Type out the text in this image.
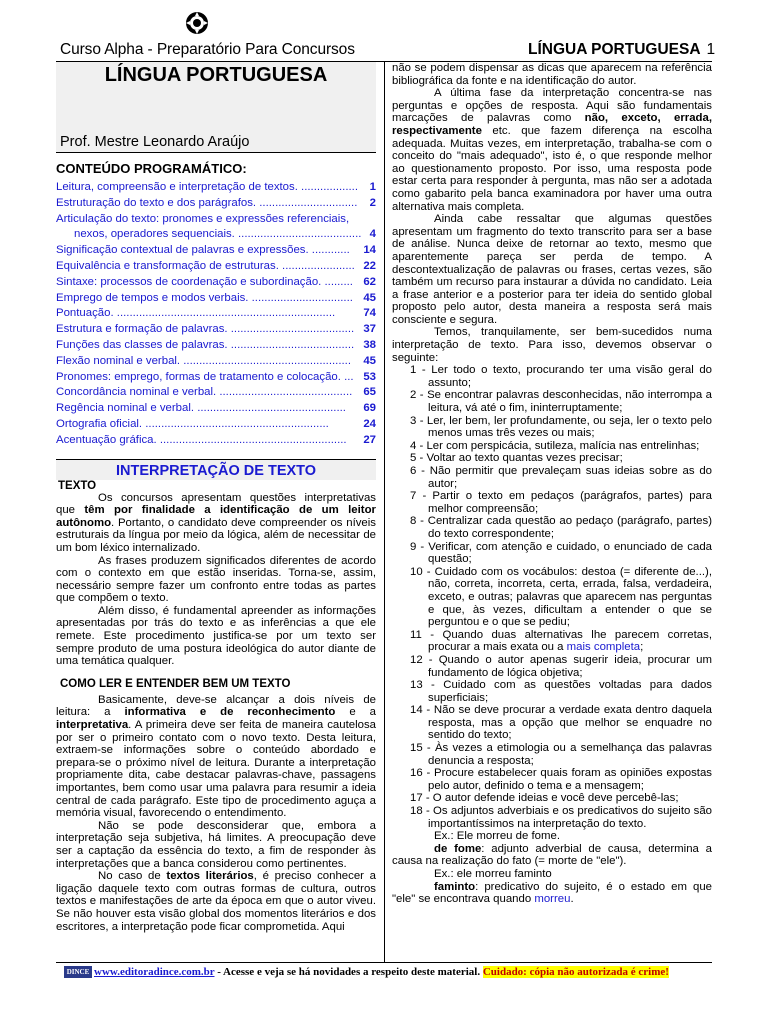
Curso Alpha - Preparatório Para Concursos	LÍNGUA PORTUGUESA 1
LÍNGUA PORTUGUESA
Prof. Mestre Leonardo Araújo
CONTEÚDO PROGRAMÁTICO:
Leitura, compreensão e interpretação de textos. .................. 1
Estruturação do texto e dos parágrafos. ............................... 2
Articulação do texto: pronomes e expressões referenciais,
nexos, operadores sequenciais. ....................................... 4
Significação contextual de palavras e expressões. ............ 14
Equivalência e transformação de estruturas. ....................... 22
Sintaxe: processos de coordenação e subordinação. ......... 62
Emprego de tempos e modos verbais. ................................ 45
Pontuação. ..................................................................... 74
Estrutura e formação de palavras. ....................................... 37
Funções das classes de palavras. ....................................... 38
Flexão nominal e verbal. ..................................................... 45
Pronomes: emprego, formas de tratamento e colocação. ... 53
Concordância nominal e verbal. .......................................... 65
Regência nominal e verbal. ............................................... 69
Ortografia oficial. ..........................................................	24
Acentuação gráfica. ........................................................... 27
INTERPRETAÇÃO DE TEXTO
TEXTO

Os concursos apresentam questões interpretativas que têm por finalidade a identificação de um leitor autônomo. Portanto, o candidato deve compreender os níveis estruturais da língua por meio da lógica, além de necessitar de um bom léxico internalizado.

As frases produzem significados diferentes de acordo com o contexto em que estão inseridas. Torna-se, assim, necessário sempre fazer um confronto entre todas as partes que compõem o texto.

Além disso, é fundamental apreender as informações apresentadas por trás do texto e as inferências a que ele remete. Este procedimento justifica-se por um texto ser sempre produto de uma postura ideológica do autor diante de uma temática qualquer.

COMO LER E ENTENDER BEM UM TEXTO

Basicamente, deve-se alcançar a dois níveis de leitura: a informativa e de reconhecimento e a interpretativa. A primeira deve ser feita de maneira cautelosa por ser o primeiro contato com o novo texto. Desta leitura, extraem-se informações sobre o conteúdo abordado e prepara-se o próximo nível de leitura. Durante a interpretação propriamente dita, cabe destacar palavras-chave, passagens importantes, bem como usar uma palavra para resumir a ideia central de cada parágrafo. Este tipo de procedimento aguça a memória visual, favorecendo o entendimento.

Não se pode desconsiderar que, embora a interpretação seja subjetiva, há limites. A preocupação deve ser a captação da essência do texto, a fim de responder às interpretações que a banca considerou como pertinentes.

No caso de textos literários, é preciso conhecer a ligação daquele texto com outras formas de cultura, outros textos e manifestações de arte da época em que o autor viveu. Se não houver esta visão global dos momentos literários e dos escritores, a interpretação pode ficar comprometida. Aqui

não se podem dispensar as dicas que aparecem na referência bibliográfica da fonte e na identificação do autor.

A última fase da interpretação concentra-se nas perguntas e opções de resposta. Aqui são fundamentais marcações de palavras como não, exceto, errada, respectivamente etc. que fazem diferença na escolha adequada. Muitas vezes, em interpretação, trabalha-se com o conceito do "mais adequado", isto é, o que responde melhor ao questionamento proposto. Por isso, uma resposta pode estar certa para responder à pergunta, mas não ser a adotada como gabarito pela banca examinadora por haver uma outra alternativa mais completa.

Ainda cabe ressaltar que algumas questões apresentam um fragmento do texto transcrito para ser a base de análise. Nunca deixe de retornar ao texto, mesmo que aparentemente pareça ser perda de tempo. A descontextualização de palavras ou frases, certas vezes, são também um recurso para instaurar a dúvida no candidato. Leia a frase anterior e a posterior para ter ideia do sentido global proposto pelo autor, desta maneira a resposta será mais consciente e segura.

Temos, tranquilamente, ser bem-sucedidos numa interpretação de texto. Para isso, devemos observar o seguinte:

1 - Ler todo o texto, procurando ter uma visão geral do assunto;

2 - Se encontrar palavras desconhecidas, não interrompa a leitura, vá até o fim, ininterruptamente;

3 - Ler, ler bem, ler profundamente, ou seja, ler o texto pelo menos umas três vezes ou mais;

4 - Ler com perspicácia, sutileza, malícia nas entrelinhas;

5 - Voltar ao texto quantas vezes precisar;

6 - Não permitir que prevaleçam suas ideias sobre as do autor;

7 - Partir o texto em pedaços (parágrafos, partes) para melhor compreensão;

8 - Centralizar cada questão ao pedaço (parágrafo, partes) do texto correspondente;

9 - Verificar, com atenção e cuidado, o enunciado de cada questão;

10 - Cuidado com os vocábulos: destoa (= diferente de...), não, correta, incorreta, certa, errada, falsa, verdadeira, exceto, e outras; palavras que aparecem nas perguntas e que, às vezes, dificultam a entender o que se perguntou e o que se pediu;

11 - Quando duas alternativas lhe parecem corretas, procurar a mais exata ou a mais completa;

12 - Quando o autor apenas sugerir ideia, procurar um fundamento de lógica objetiva;

13 - Cuidado com as questões voltadas para dados superficiais;

14 - Não se deve procurar a verdade exata dentro daquela resposta, mas a opção que melhor se enquadre no sentido do texto;

15 - Às vezes a etimologia ou a semelhança das palavras denuncia a resposta;

16 - Procure estabelecer quais foram as opiniões expostas pelo autor, definido o tema e a mensagem;

17 - O autor defende ideias e você deve percebê-las;

18 - Os adjuntos adverbiais e os predicativos do sujeito são importantíssimos na interpretação do texto.

Ex.: Ele morreu de fome.

de fome: adjunto adverbial de causa, determina a causa na realização do fato (= morte de "ele").

Ex.: ele morreu faminto

faminto: predicativo do sujeito, é o estado em que "ele" se encontrava quando morreu.

DINCE www.editoradince.com.br - Acesse e veja se há novidades a respeito deste material. Cuidado: cópia não autorizada é crime!
